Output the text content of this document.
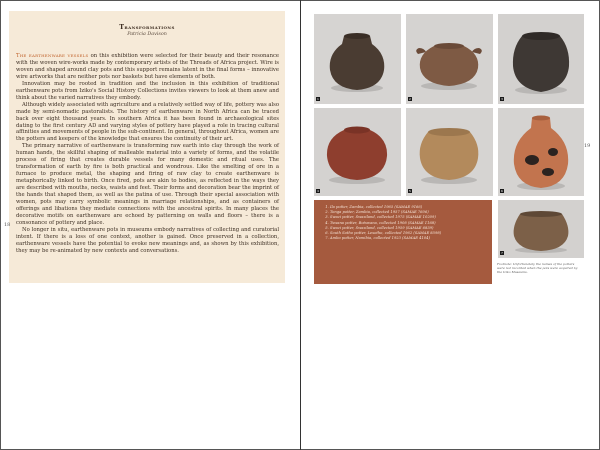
Transformations
Patricia Davison

The earthenware vessels on this exhibition were selected for their beauty and their resonance with the woven wire-works made by contemporary artists of the Threads of Africa project. Wire is woven and shaped around clay pots and this support remains latent in the final forms – innovative wire artworks that are neither pots nor baskets but have elements of both.

Innovation may be rooted in tradition and the inclusion in this exhibition of traditional earthenware pots from Iziko's Social History Collections invites viewers to look at them anew and think about the varied narratives they embody.

Although widely associated with agriculture and a relatively settled way of life, pottery was also made by semi-nomadic pastoralists. The history of earthenware in North Africa can be traced back over eight thousand years. In southern Africa it has been found in archaeological sites dating to the first century AD and varying styles of pottery have played a role in tracing cultural affinities and movements of people in the sub-continent. In general, throughout Africa, women are the potters and keepers of the knowledge that ensures the continuity of their art.

The primary narrative of earthenware is transforming raw earth into clay through the work of human hands, the skillful shaping of malleable material into a variety of forms, and the volatile process of firing that creates durable vessels for many domestic and ritual uses. The transformation of earth by fire is both practical and wondrous. Like the smelting of ore in a furnace to produce metal, the shaping and firing of raw clay to create earthenware is metaphorically linked to birth. Once fired, pots are akin to bodies, as reflected in the ways they are described with mouths, necks, waists and feet. Their forms and decoration bear the imprint of the hands that shaped them, as well as the patina of use. Through their special association with women, pots may carry symbolic meanings in marriage relationships, and as containers of offerings and libations they mediate connections with the ancestral spirits. In many places the decorative motifs on earthenware are echoed by patterning on walls and floors – there is a consonance of pottery and place.

No longer in situ, earthenware pots in museums embody narratives of collecting and curatorial intent. If there is a loss of one context, another is gained. Once preserved in a collection, earthenware vessels have the potential to evoke new meanings and, as shown by this exhibition, they may be re-animated by new contexts and conversations.

18
1	2	3
4	5	6
1. Ila potter, Zambia, collected 1965 (SAMAE 9166)
2. Tonga potter, Zambia, collected 1957 (SAMAE 7606)
3. Swazi potter, Swaziland, collected 1975 (SAMAE 10209)
4. Tswana potter, Botswana, collected 1908 (SAMAE 1168)
5. Swazi potter, Swaziland, collected 1959 (SAMAE 6839)
6. South Sotho potter, Lesotho, collected 1962 (SAMAE 8598)
7. Ambo potter, Namibia, collected 1923 (SAMAE 4104)
7
Footnote: Unfortunately the names of the potters were not recorded when the pots were acquired by the Iziko Museums.
19
